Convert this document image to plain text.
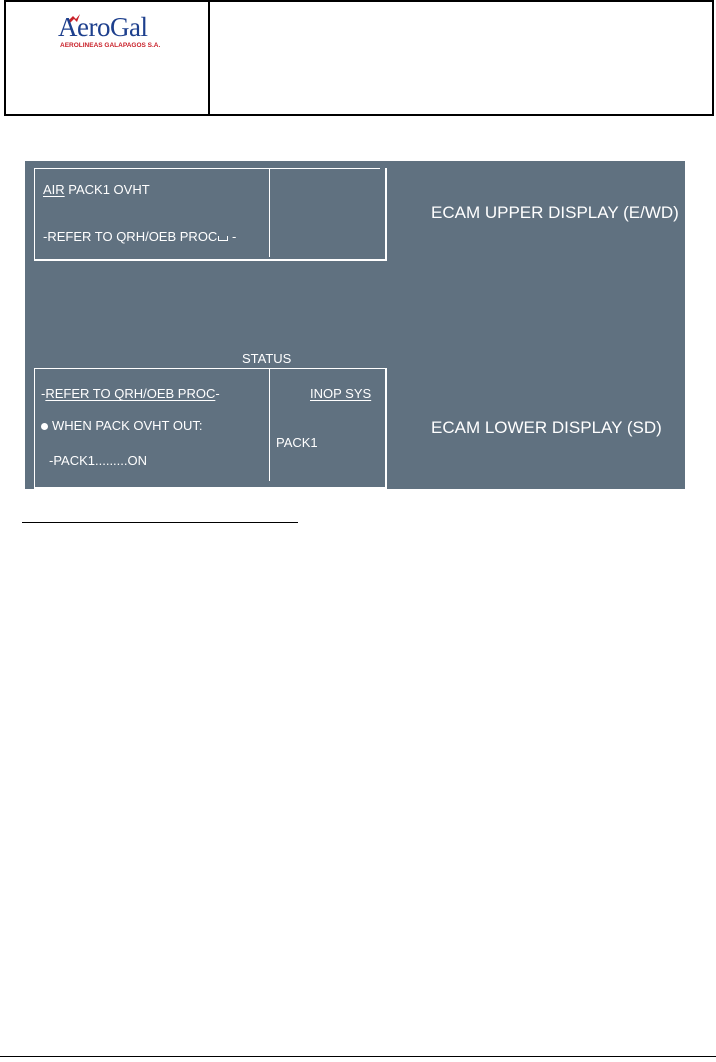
AeroGal
AEROLINEAS GALAPAGOS S.A.
AIR PACK1 OVHT
-REFER TO QRH/OEB PROC -
ECAM UPPER DISPLAY (E/WD)
STATUS
-REFER TO QRH/OEB PROC-
WHEN PACK OVHT OUT:
-PACK1.........ON
INOP SYS
PACK1
ECAM LOWER DISPLAY (SD)
